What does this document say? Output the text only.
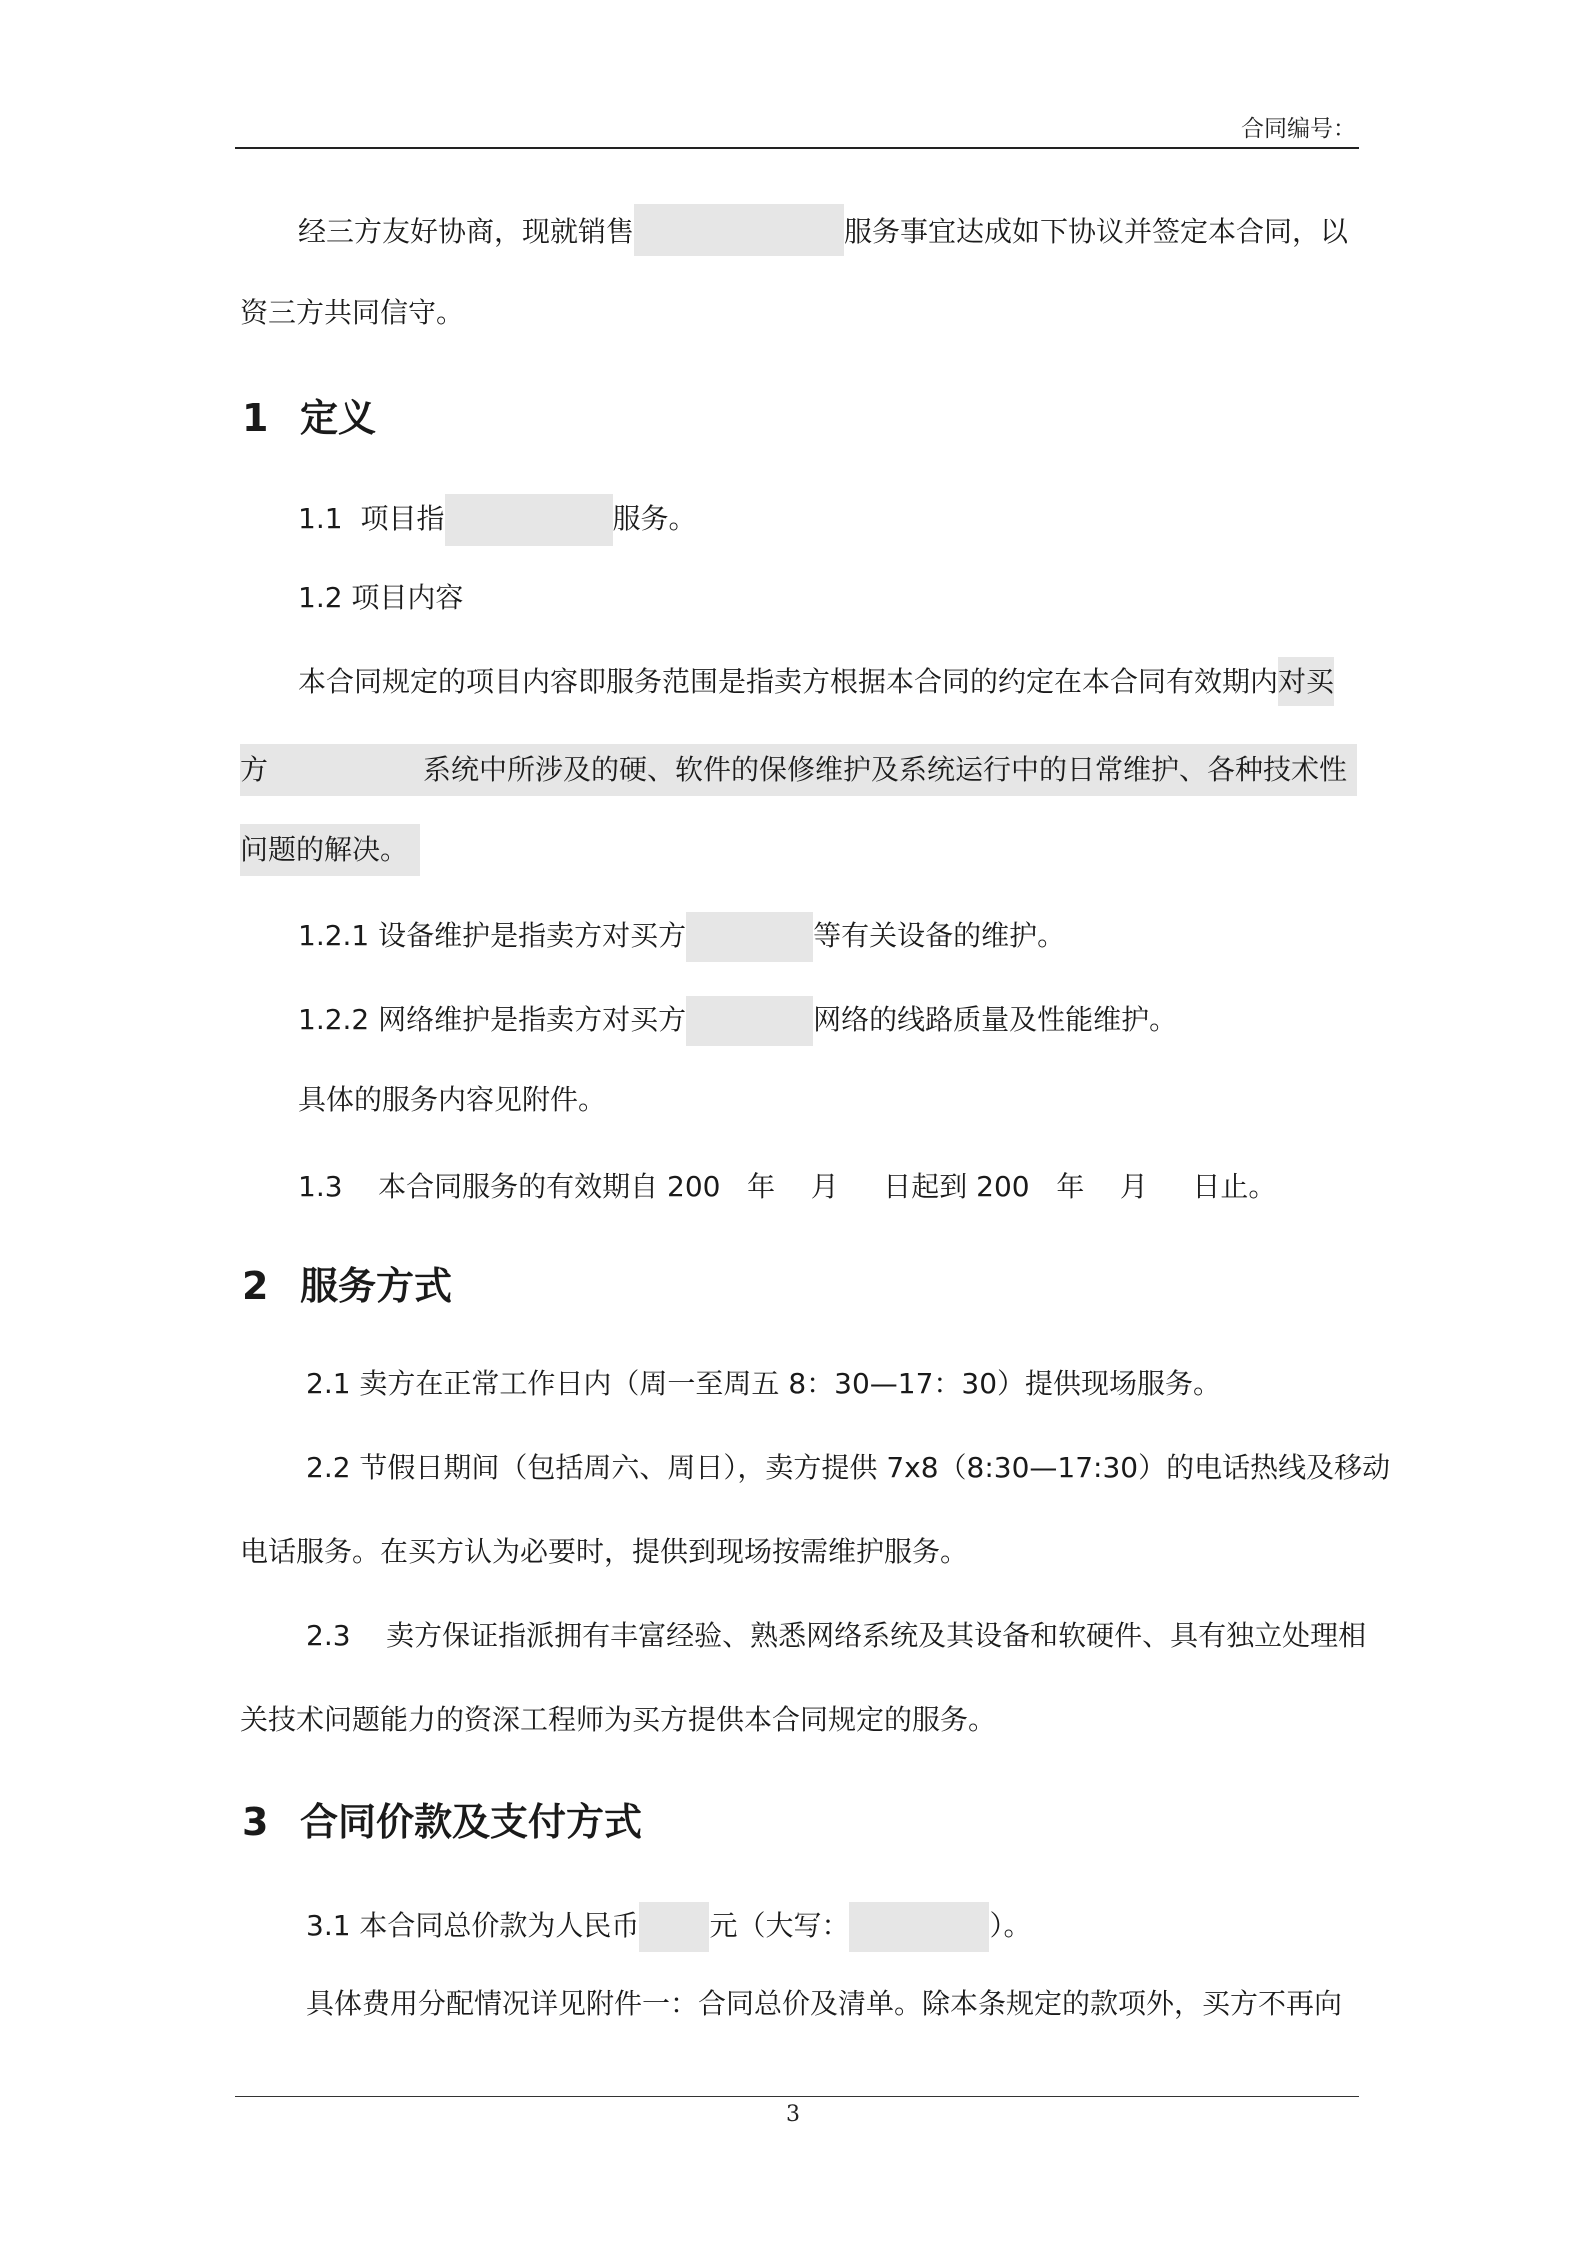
合同编号：
经三方友好协商，现就销售	服务事宜达成如下协议并签定本合同，以
资三方共同信守。
1 定义
1.1 项目指	服务。
1.2 项目内容
本合同规定的项目内容即服务范围是指卖方根据本合同的约定在本合同有效期内对买
方	系统中所涉及的硬、软件的保修维护及系统运行中的日常维护、各种技术性
问题的解决。
1.2.1 设备维护是指卖方对买方	等有关设备的维护。
1.2.2 网络维护是指卖方对买方	网络的线路质量及性能维护。
具体的服务内容见附件。
1.3    本合同服务的有效期自 200   年    月     日起到 200   年    月     日止。
2 服务方式
2.1 卖方在正常工作日内（周一至周五 8：30—17：30）提供现场服务。
2.2 节假日期间（包括周六、周日），卖方提供 7x8（8:30—17:30）的电话热线及移动
电话服务。在买方认为必要时，提供到现场按需维护服务。
2.3    卖方保证指派拥有丰富经验、熟悉网络系统及其设备和软硬件、具有独立处理相
关技术问题能力的资深工程师为买方提供本合同规定的服务。
3 合同价款及支付方式
3.1 本合同总价款为人民币	元（大写：	）。
具体费用分配情况详见附件一：合同总价及清单。除本条规定的款项外，买方不再向
3
